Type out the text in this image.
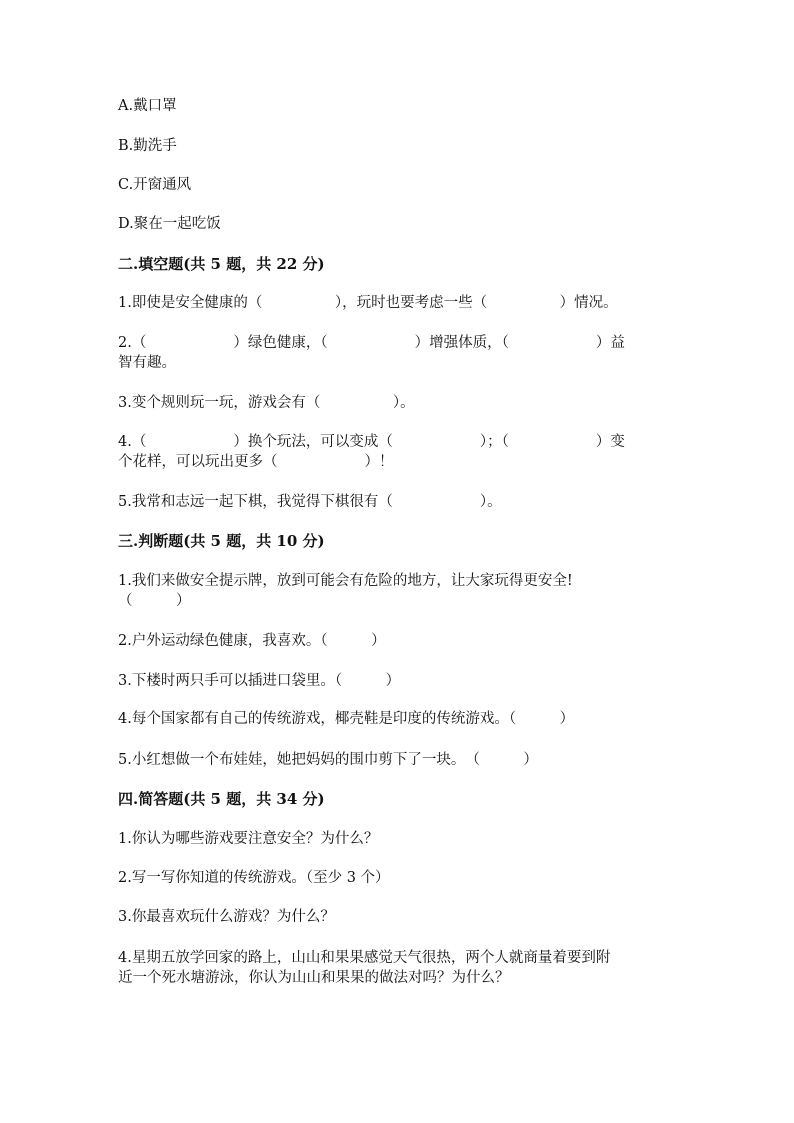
A.戴口罩
B.勤洗手
C.开窗通风
D.聚在一起吃饭
二.填空题(共 5 题，共 22 分)
1.即使是安全健康的（　　　　　），玩时也要考虑一些（　　　　　）情况。
2.（　　　　　　）绿色健康，（　　　　　　）增强体质，（　　　　　　）益
智有趣。
3.变个规则玩一玩，游戏会有（　　　　　）。
4.（　　　　　　）换个玩法，可以变成（　　　　　　）；（　　　　　　）变
个花样，可以玩出更多（　　　　　　）！
5.我常和志远一起下棋，我觉得下棋很有（　　　　　　）。
三.判断题(共 5 题，共 10 分)
1.我们来做安全提示牌，放到可能会有危险的地方，让大家玩得更安全!
（　　　）
2.户外运动绿色健康，我喜欢。（　　　）
3.下楼时两只手可以插进口袋里。（　　　）
4.每个国家都有自己的传统游戏，椰壳鞋是印度的传统游戏。（　　　）
5.小红想做一个布娃娃，她把妈妈的围巾剪下了一块。　（　　　）
四.简答题(共 5 题，共 34 分)
1.你认为哪些游戏要注意安全？为什么？
2.写一写你知道的传统游戏。（至少 3 个）
3.你最喜欢玩什么游戏？为什么？
4.星期五放学回家的路上，山山和果果感觉天气很热，两个人就商量着要到附
近一个死水塘游泳，你认为山山和果果的做法对吗？为什么？
